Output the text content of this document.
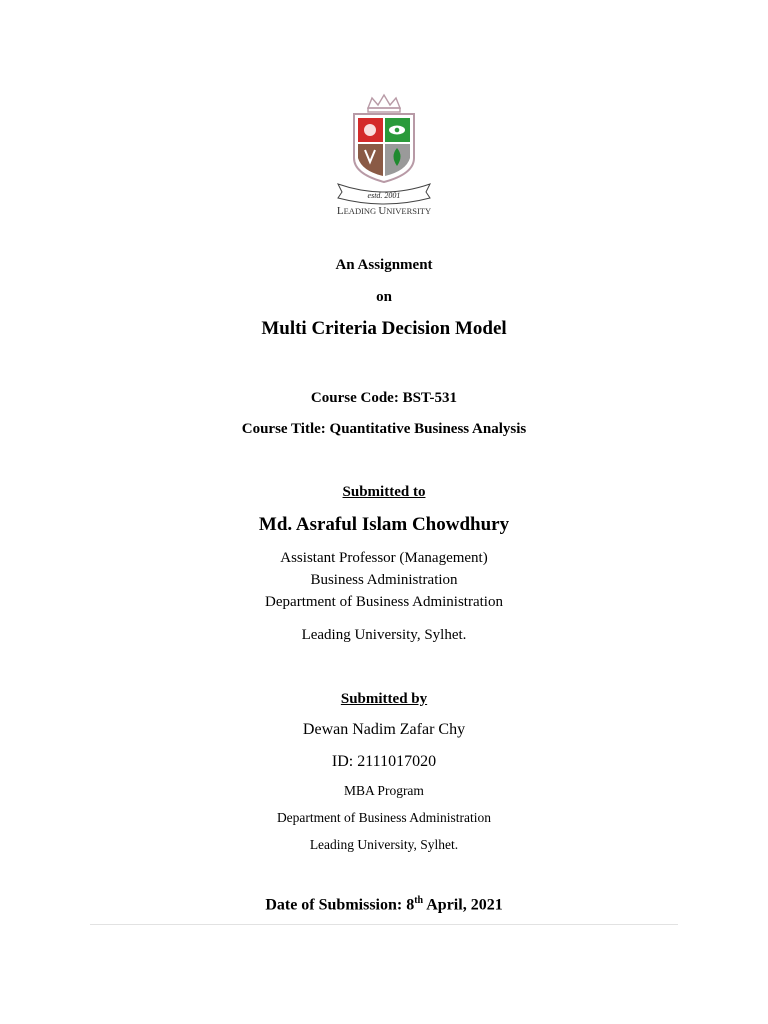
estd. 2001
LEADING UNIVERSITY
An Assignment
on
Multi Criteria Decision Model
Course Code: BST-531
Course Title: Quantitative Business Analysis
Submitted to
Md. Asraful Islam Chowdhury
Assistant Professor (Management)
Business Administration
Department of Business Administration
Leading University, Sylhet.
Submitted by
Dewan Nadim Zafar Chy
ID: 2111017020
MBA Program
Department of Business Administration
Leading University, Sylhet.
Date of Submission: 8th April, 2021
